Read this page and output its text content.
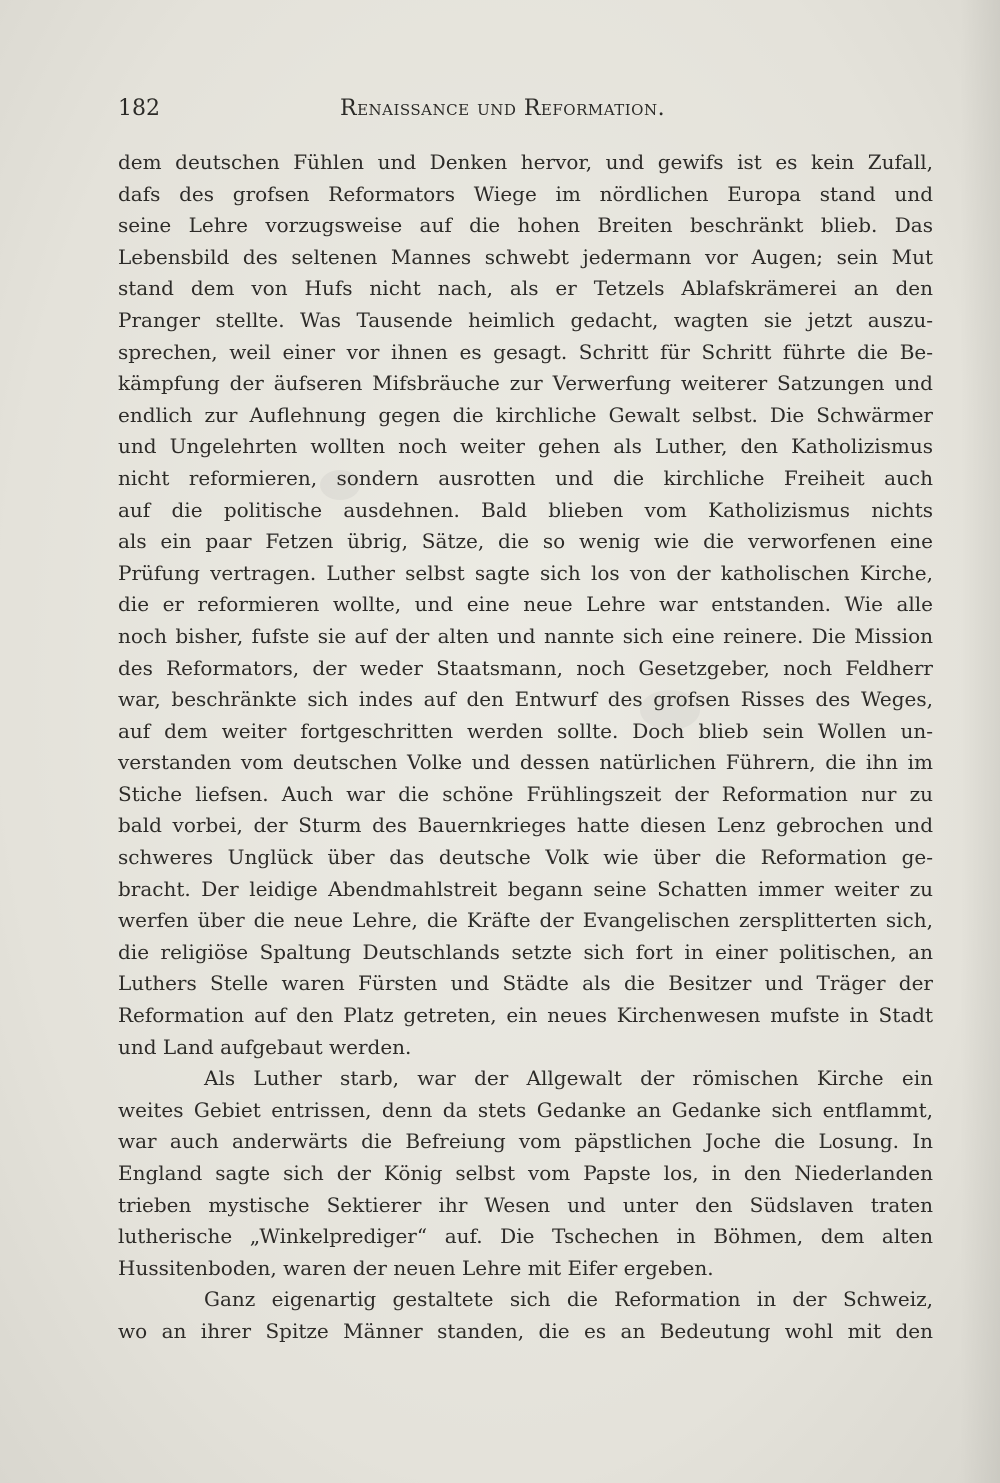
182	Renaissance und Reformation.
dem deutschen Fühlen und Denken hervor, und gewifs ist es kein Zufall,
dafs des grofsen Reformators Wiege im nördlichen Europa stand und
seine Lehre vorzugsweise auf die hohen Breiten beschränkt blieb. Das
Lebensbild des seltenen Mannes schwebt jedermann vor Augen; sein Mut
stand dem von Hufs nicht nach, als er Tetzels Ablafskrämerei an den
Pranger stellte. Was Tausende heimlich gedacht, wagten sie jetzt auszu-
sprechen, weil einer vor ihnen es gesagt. Schritt für Schritt führte die Be-
kämpfung der äufseren Mifsbräuche zur Verwerfung weiterer Satzungen und
endlich zur Auflehnung gegen die kirchliche Gewalt selbst. Die Schwärmer
und Ungelehrten wollten noch weiter gehen als Luther, den Katholizismus
nicht reformieren, sondern ausrotten und die kirchliche Freiheit auch
auf die politische ausdehnen. Bald blieben vom Katholizismus nichts
als ein paar Fetzen übrig, Sätze, die so wenig wie die verworfenen eine
Prüfung vertragen. Luther selbst sagte sich los von der katholischen Kirche,
die er reformieren wollte, und eine neue Lehre war entstanden. Wie alle
noch bisher, fufste sie auf der alten und nannte sich eine reinere. Die Mission
des Reformators, der weder Staatsmann, noch Gesetzgeber, noch Feldherr
war, beschränkte sich indes auf den Entwurf des grofsen Risses des Weges,
auf dem weiter fortgeschritten werden sollte. Doch blieb sein Wollen un-
verstanden vom deutschen Volke und dessen natürlichen Führern, die ihn im
Stiche liefsen. Auch war die schöne Frühlingszeit der Reformation nur zu
bald vorbei, der Sturm des Bauernkrieges hatte diesen Lenz gebrochen und
schweres Unglück über das deutsche Volk wie über die Reformation ge-
bracht. Der leidige Abendmahlstreit begann seine Schatten immer weiter zu
werfen über die neue Lehre, die Kräfte der Evangelischen zersplitterten sich,
die religiöse Spaltung Deutschlands setzte sich fort in einer politischen, an
Luthers Stelle waren Fürsten und Städte als die Besitzer und Träger der
Reformation auf den Platz getreten, ein neues Kirchenwesen mufste in Stadt
und Land aufgebaut werden.
Als Luther starb, war der Allgewalt der römischen Kirche ein
weites Gebiet entrissen, denn da stets Gedanke an Gedanke sich entflammt,
war auch anderwärts die Befreiung vom päpstlichen Joche die Losung. In
England sagte sich der König selbst vom Papste los, in den Niederlanden
trieben mystische Sektierer ihr Wesen und unter den Südslaven traten
lutherische „Winkelprediger“ auf. Die Tschechen in Böhmen, dem alten
Hussitenboden, waren der neuen Lehre mit Eifer ergeben.
Ganz eigenartig gestaltete sich die Reformation in der Schweiz,
wo an ihrer Spitze Männer standen, die es an Bedeutung wohl mit den
